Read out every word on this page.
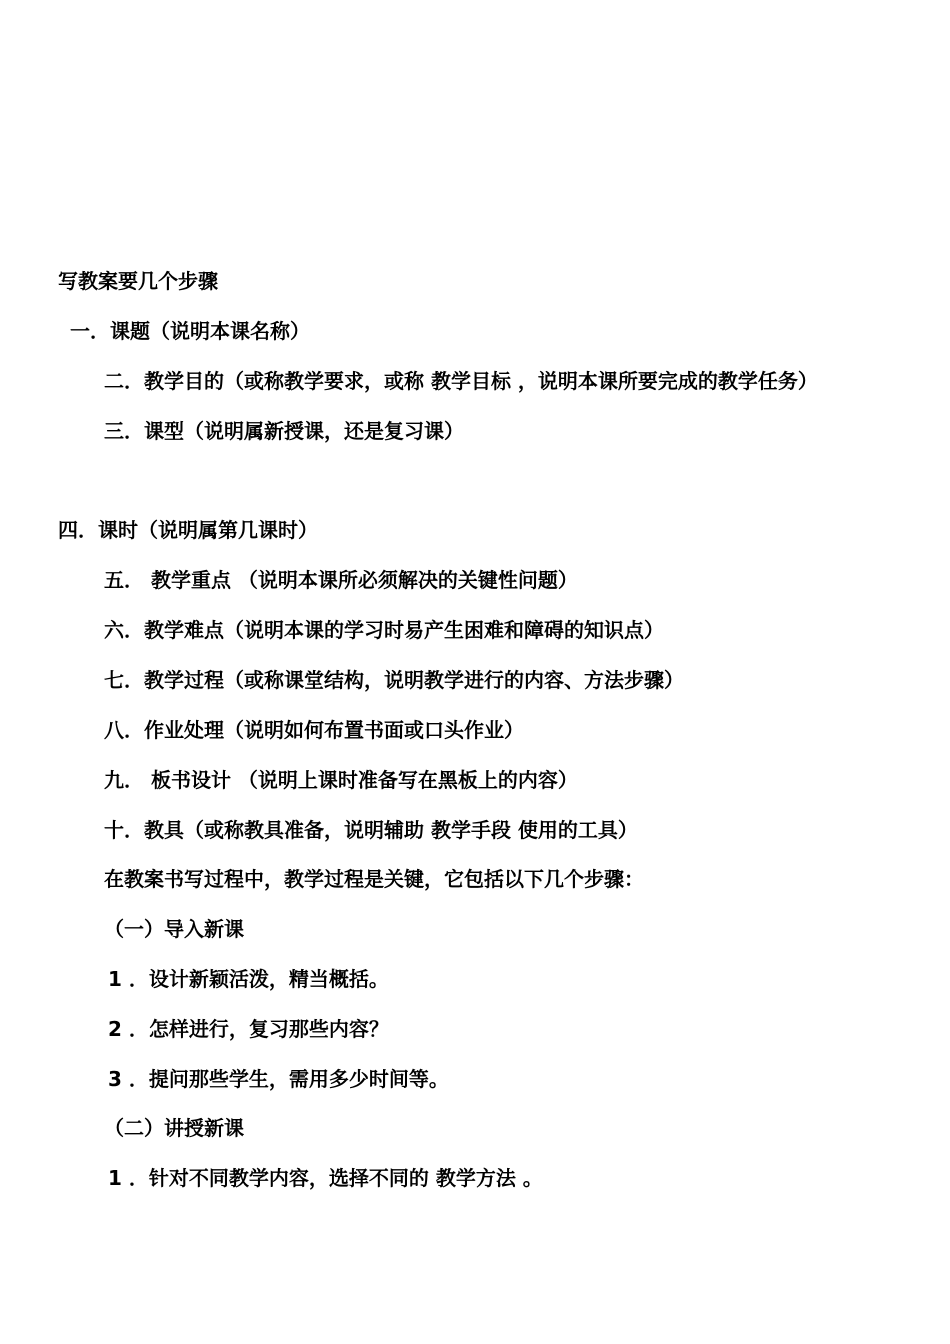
写教案要几个步骤

一．课题（说明本课名称）

二．教学目的（或称教学要求，或称 教学目标 ，说明本课所要完成的教学任务）

三．课型（说明属新授课，还是复习课）

四．课时（说明属第几课时）

五． 教学重点 （说明本课所必须解决的关键性问题）

六．教学难点（说明本课的学习时易产生困难和障碍的知识点）

七．教学过程（或称课堂结构，说明教学进行的内容、方法步骤）

八．作业处理（说明如何布置书面或口头作业）

九． 板书设计 （说明上课时准备写在黑板上的内容）

十．教具（或称教具准备，说明辅助 教学手段 使用的工具）

在教案书写过程中，教学过程是关键，它包括以下几个步骤：

（一）导入新课

1 ．设计新颖活泼，精当概括。

2 ．怎样进行，复习那些内容？

3 ．提问那些学生，需用多少时间等。

（二）讲授新课

1 ．针对不同教学内容，选择不同的 教学方法 。
